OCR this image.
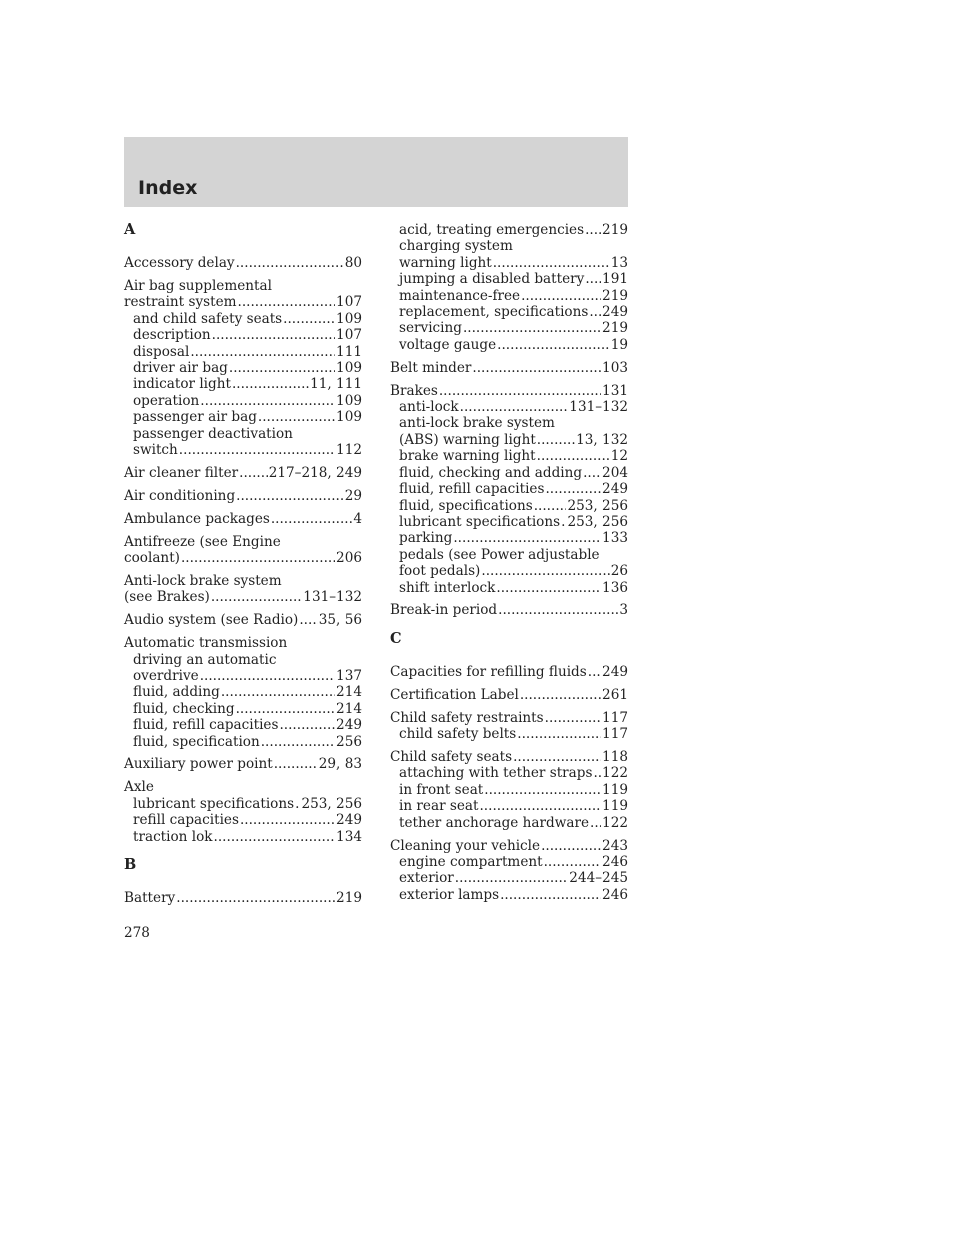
Index
A
Accessory delay .....	80
Air bag supplemental
restraint system .....	107
and child safety seats .....	109
description .....	107
disposal .....	111
driver air bag .....	109
indicator light .....	11, 111
operation .....	109
passenger air bag .....	109
passenger deactivation
switch .....	112
Air cleaner filter ..... 217–218, 249
Air conditioning .....	29
Ambulance packages .....	4
Antifreeze (see Engine
coolant) .....	206
Anti-lock brake system
(see Brakes) .....	131–132
Audio system (see Radio) ..... 35, 56
Automatic transmission
driving an automatic
overdrive .....	137
fluid, adding .....	214
fluid, checking .....	214
fluid, refill capacities .....	249
fluid, specification .....	256
Auxiliary power point .....	29, 83
Axle
lubricant specifications ..... 253, 256
refill capacities .....	249
traction lok .....	134
B
Battery .....	219
acid, treating emergencies ..... 219
charging system
warning light .....	13
jumping a disabled battery ..... 191
maintenance-free .....	219
replacement, specifications ..... 249
servicing .....	219
voltage gauge .....	19
Belt minder .....	103
Brakes .....	131
anti-lock .....	131–132
anti-lock brake system
(ABS) warning light .....	13, 132
brake warning light .....	12
fluid, checking and adding ..... 204
fluid, refill capacities .....	249
fluid, specifications .....	253, 256
lubricant specifications ..... 253, 256
parking .....	133
pedals (see Power adjustable
foot pedals) .....	26
shift interlock .....	136
Break-in period .....	3
C
Capacities for refilling fluids ..... 249
Certification Label .....	261
Child safety restraints .....	117
child safety belts .....	117
Child safety seats .....	118
attaching with tether straps ..... 122
in front seat .....	119
in rear seat .....	119
tether anchorage hardware ..... 122
Cleaning your vehicle .....	243
engine compartment .....	246
exterior .....	244–245
exterior lamps .....	246
278
